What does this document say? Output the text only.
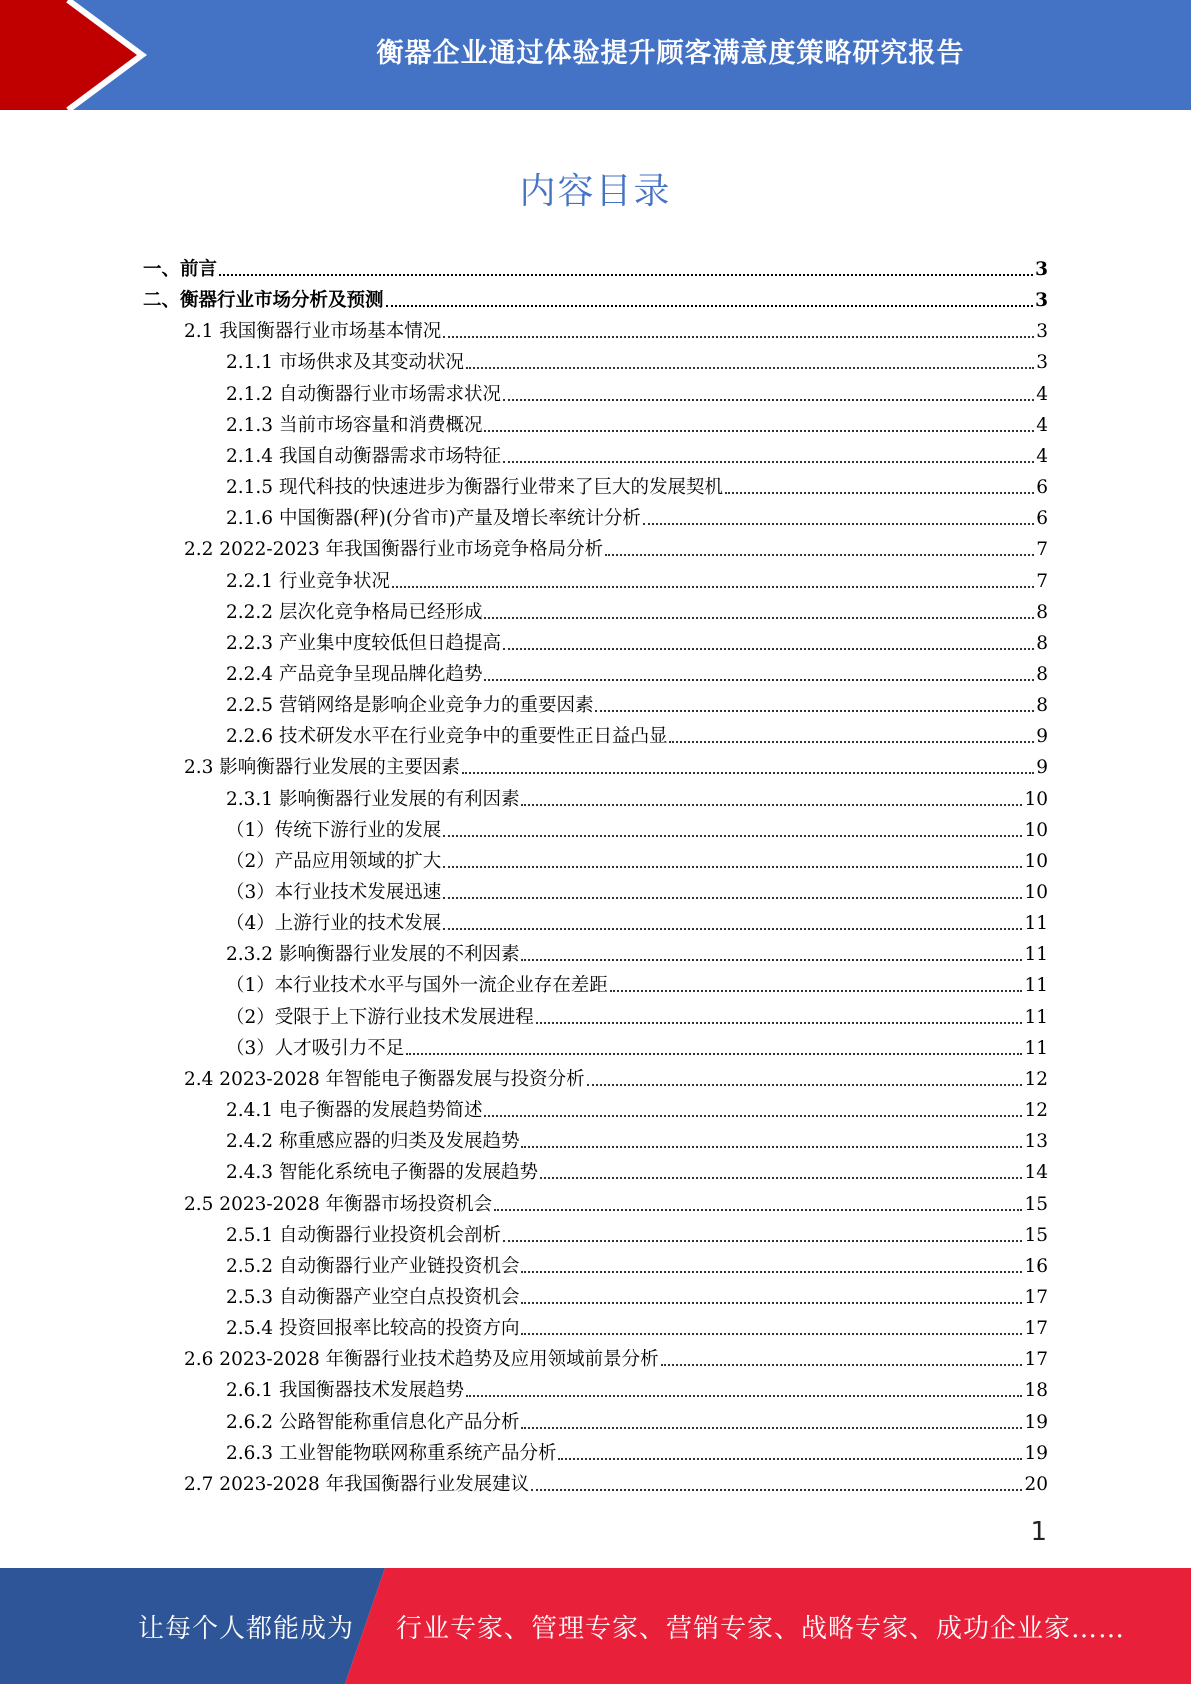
衡器企业通过体验提升顾客满意度策略研究报告
内容目录
一、前言	3
二、衡器行业市场分析及预测	3
2.1 我国衡器行业市场基本情况	3
2.1.1 市场供求及其变动状况	3
2.1.2 自动衡器行业市场需求状况	4
2.1.3 当前市场容量和消费概况	4
2.1.4 我国自动衡器需求市场特征	4
2.1.5 现代科技的快速进步为衡器行业带来了巨大的发展契机	6
2.1.6 中国衡器(秤)(分省市)产量及增长率统计分析	6
2.2 2022-2023 年我国衡器行业市场竞争格局分析	7
2.2.1 行业竞争状况	7
2.2.2 层次化竞争格局已经形成	8
2.2.3 产业集中度较低但日趋提高	8
2.2.4 产品竞争呈现品牌化趋势	8
2.2.5 营销网络是影响企业竞争力的重要因素	8
2.2.6 技术研发水平在行业竞争中的重要性正日益凸显	9
2.3 影响衡器行业发展的主要因素	9
2.3.1 影响衡器行业发展的有利因素	10
（1）传统下游行业的发展	10
（2）产品应用领域的扩大	10
（3）本行业技术发展迅速	10
（4）上游行业的技术发展	11
2.3.2 影响衡器行业发展的不利因素	11
（1）本行业技术水平与国外一流企业存在差距	11
（2）受限于上下游行业技术发展进程	11
（3）人才吸引力不足	11
2.4 2023-2028 年智能电子衡器发展与投资分析	12
2.4.1 电子衡器的发展趋势简述	12
2.4.2 称重感应器的归类及发展趋势	13
2.4.3 智能化系统电子衡器的发展趋势	14
2.5 2023-2028 年衡器市场投资机会	15
2.5.1 自动衡器行业投资机会剖析	15
2.5.2 自动衡器行业产业链投资机会	16
2.5.3 自动衡器产业空白点投资机会	17
2.5.4 投资回报率比较高的投资方向	17
2.6 2023-2028 年衡器行业技术趋势及应用领域前景分析	17
2.6.1 我国衡器技术发展趋势	18
2.6.2 公路智能称重信息化产品分析	19
2.6.3 工业智能物联网称重系统产品分析	19
2.7 2023-2028 年我国衡器行业发展建议	20
1
让每个人都能成为 行业专家、管理专家、营销专家、战略专家、成功企业家……
